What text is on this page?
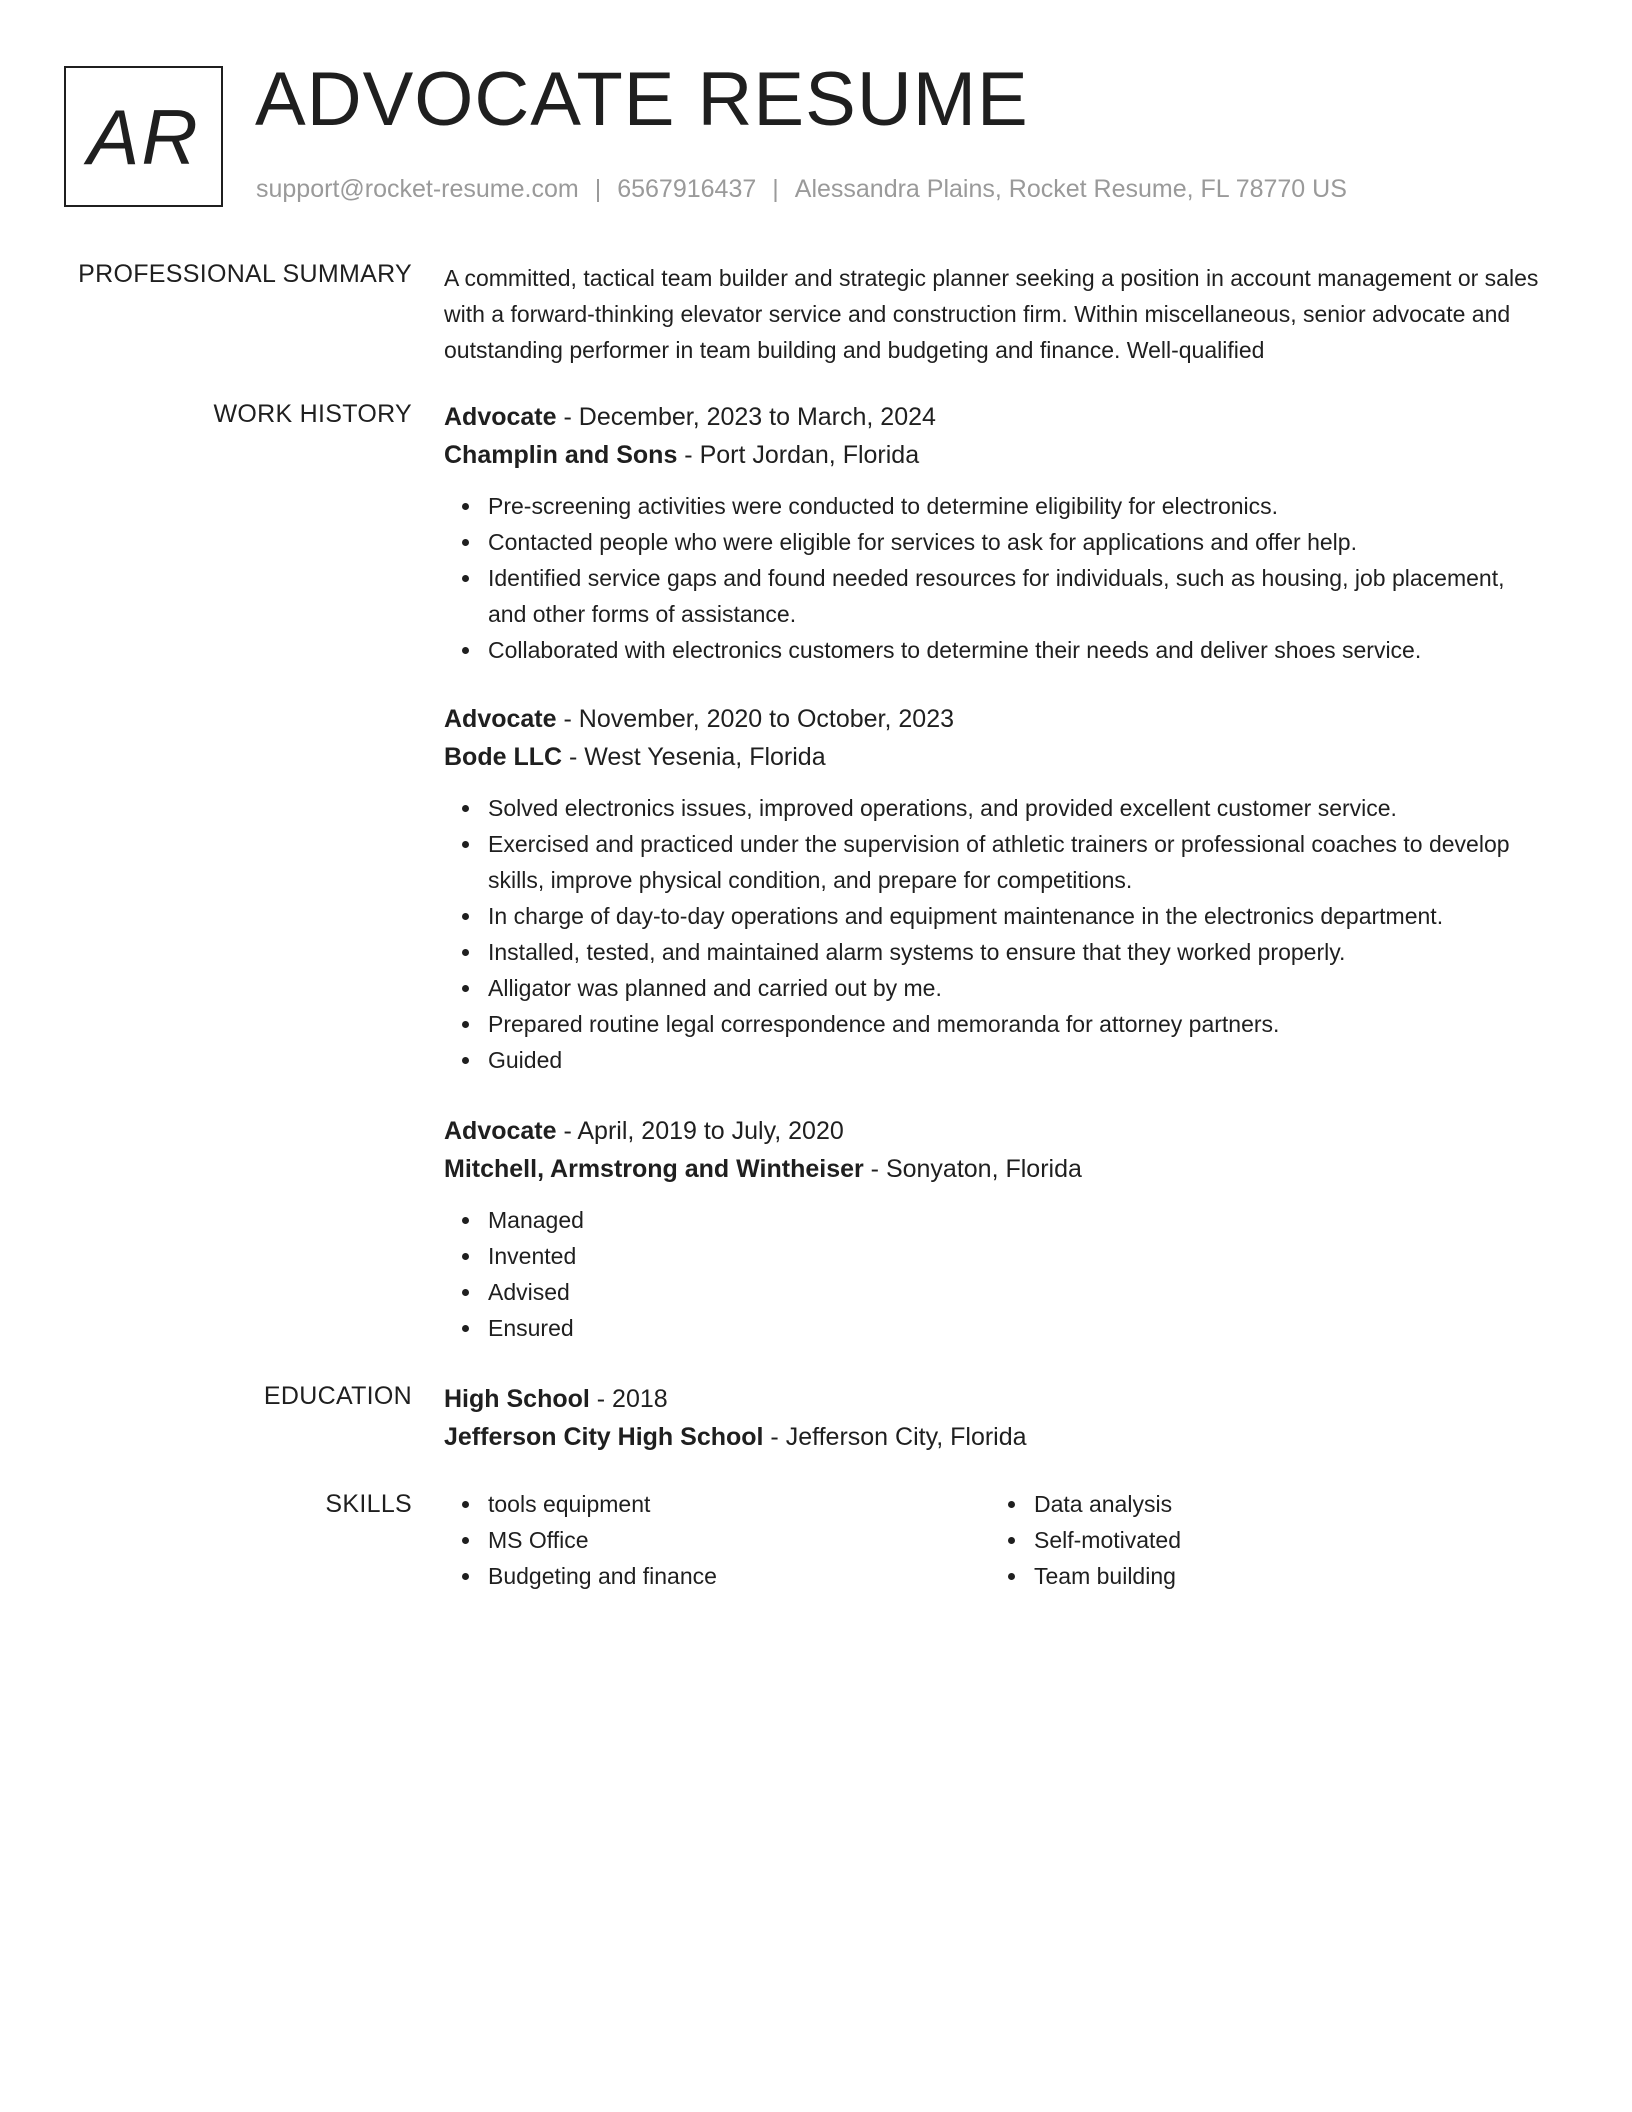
AR ADVOCATE RESUME
support@rocket-resume.com | 6567916437 | Alessandra Plains, Rocket Resume, FL 78770 US
PROFESSIONAL SUMMARY A committed, tactical team builder and strategic planner seeking a position in account management or sales with a forward-thinking elevator service and construction firm. Within miscellaneous, senior advocate and outstanding performer in team building and budgeting and finance. Well-qualified

WORK HISTORY Advocate - December, 2023 to March, 2024

Champlin and Sons - Port Jordan, Florida

Pre-screening activities were conducted to determine eligibility for electronics.
Contacted people who were eligible for services to ask for applications and offer help.
Identified service gaps and found needed resources for individuals, such as housing, job placement, and other forms of assistance.
Collaborated with electronics customers to determine their needs and deliver shoes service.

Advocate - November, 2020 to October, 2023

Bode LLC - West Yesenia, Florida

Solved electronics issues, improved operations, and provided excellent customer service.
Exercised and practiced under the supervision of athletic trainers or professional coaches to develop skills, improve physical condition, and prepare for competitions.
In charge of day-to-day operations and equipment maintenance in the electronics department.
Installed, tested, and maintained alarm systems to ensure that they worked properly.
Alligator was planned and carried out by me.
Prepared routine legal correspondence and memoranda for attorney partners.
Guided

Advocate - April, 2019 to July, 2020

Mitchell, Armstrong and Wintheiser - Sonyaton, Florida

Managed
Invented
Advised
Ensured
EDUCATION High School - 2018

Jefferson City High School - Jefferson City, Florida

SKILLS	tools equipment
MS Office
Budgeting and finance
Data analysis
Self-motivated
Team building
